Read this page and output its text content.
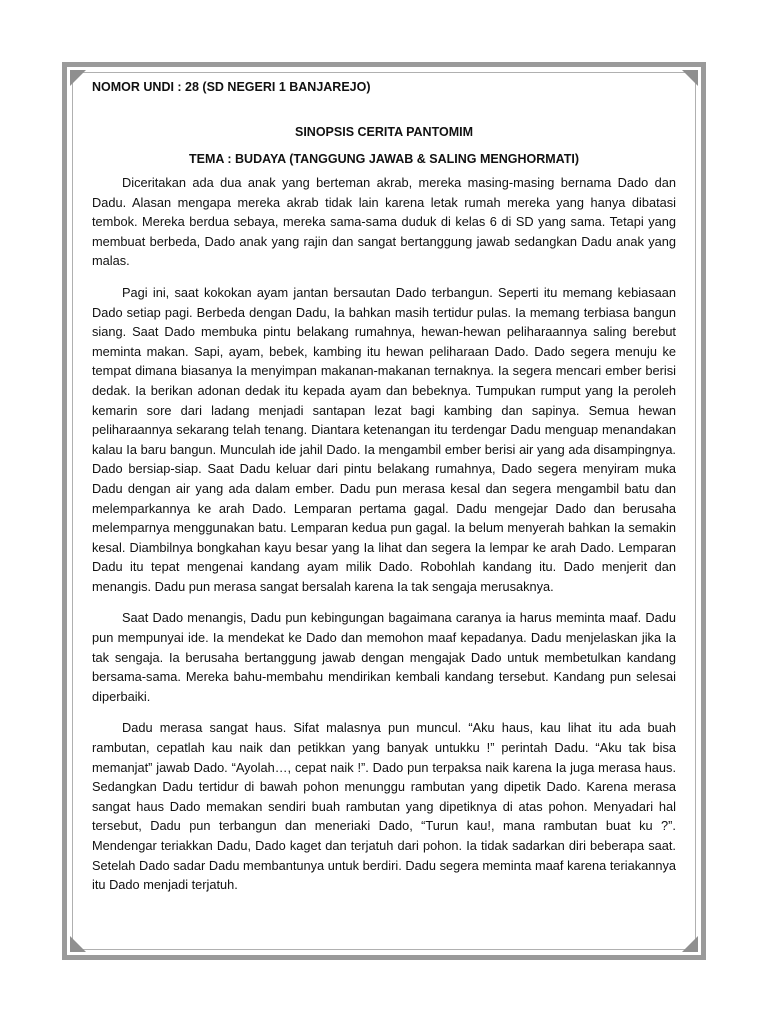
NOMOR UNDI : 28 (SD NEGERI 1 BANJAREJO)

SINOPSIS CERITA PANTOMIM

TEMA : BUDAYA (TANGGUNG JAWAB & SALING MENGHORMATI)

Diceritakan ada dua anak yang berteman akrab, mereka masing-masing bernama Dado dan Dadu. Alasan mengapa mereka akrab tidak lain karena letak rumah mereka yang hanya dibatasi tembok. Mereka berdua sebaya, mereka sama-sama duduk di kelas 6 di SD yang sama. Tetapi yang membuat berbeda, Dado anak yang rajin dan sangat bertanggung jawab sedangkan Dadu anak yang malas.

Pagi ini, saat kokokan ayam jantan bersautan Dado terbangun. Seperti itu memang kebiasaan Dado setiap pagi. Berbeda dengan Dadu, Ia bahkan masih tertidur pulas. Ia memang terbiasa bangun siang. Saat Dado membuka pintu belakang rumahnya, hewan-hewan peliharaannya saling berebut meminta makan. Sapi, ayam, bebek, kambing itu hewan peliharaan Dado. Dado segera menuju ke tempat dimana biasanya Ia menyimpan makanan-makanan ternaknya. Ia segera mencari ember berisi dedak. Ia berikan adonan dedak itu kepada ayam dan bebeknya. Tumpukan rumput yang Ia peroleh kemarin sore dari ladang menjadi santapan lezat bagi kambing dan sapinya. Semua hewan peliharaannya sekarang telah tenang. Diantara ketenangan itu terdengar Dadu menguap menandakan kalau Ia baru bangun. Munculah ide jahil Dado. Ia mengambil ember berisi air yang ada disampingnya. Dado bersiap-siap. Saat Dadu keluar dari pintu belakang rumahnya, Dado segera menyiram muka Dadu dengan air yang ada dalam ember. Dadu pun merasa kesal dan segera mengambil batu dan melemparkannya ke arah Dado. Lemparan pertama gagal. Dadu mengejar Dado dan berusaha melemparnya menggunakan batu. Lemparan kedua pun gagal. Ia belum menyerah bahkan Ia semakin kesal. Diambilnya bongkahan kayu besar yang Ia lihat dan segera Ia lempar ke arah Dado. Lemparan Dadu itu tepat mengenai kandang ayam milik Dado. Robohlah kandang itu. Dado menjerit dan menangis. Dadu pun merasa sangat bersalah karena Ia tak sengaja merusaknya.

Saat Dado menangis, Dadu pun kebingungan bagaimana caranya ia harus meminta maaf. Dadu pun mempunyai ide. Ia mendekat ke Dado dan memohon maaf kepadanya. Dadu menjelaskan jika Ia tak sengaja. Ia berusaha bertanggung jawab dengan mengajak Dado untuk membetulkan kandang bersama-sama. Mereka bahu-membahu mendirikan kembali kandang tersebut. Kandang pun selesai diperbaiki.

Dadu merasa sangat haus. Sifat malasnya pun muncul. “Aku haus, kau lihat itu ada buah rambutan, cepatlah kau naik dan petikkan yang banyak untukku !” perintah Dadu. “Aku tak bisa memanjat” jawab Dado. “Ayolah…, cepat naik !”. Dado pun terpaksa naik karena Ia juga merasa haus. Sedangkan Dadu tertidur di bawah pohon menunggu rambutan yang dipetik Dado. Karena merasa sangat haus Dado memakan sendiri buah rambutan yang dipetiknya di atas pohon. Menyadari hal tersebut, Dadu pun terbangun dan meneriaki Dado, “Turun kau!, mana rambutan buat ku ?”. Mendengar teriakkan Dadu, Dado kaget dan terjatuh dari pohon. Ia tidak sadarkan diri beberapa saat. Setelah Dado sadar Dadu membantunya untuk berdiri. Dadu segera meminta maaf karena teriakannya itu Dado menjadi terjatuh.
